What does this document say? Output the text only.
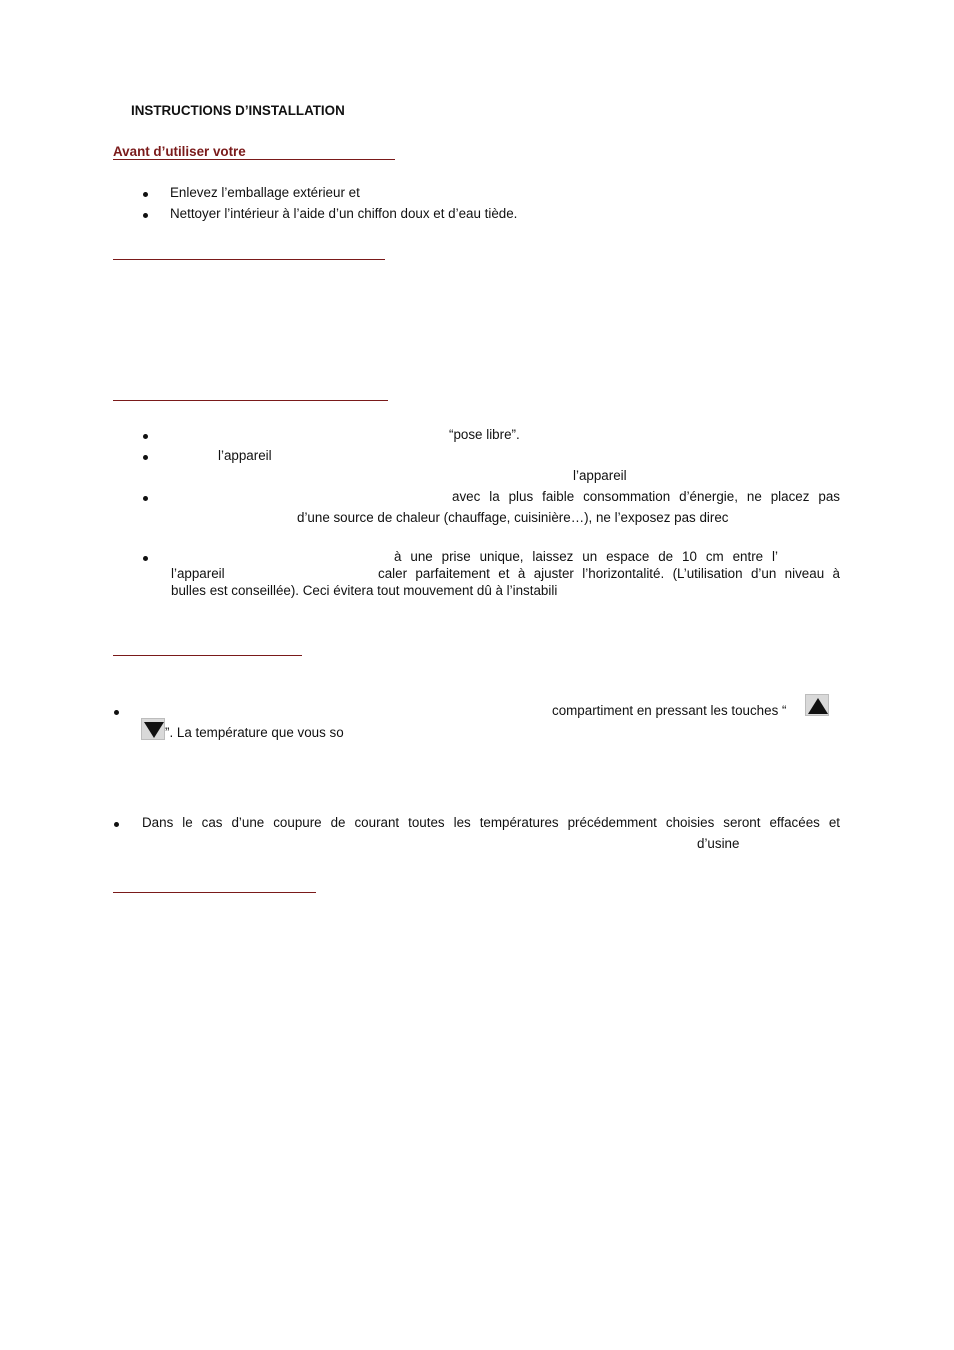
INSTRUCTIONS D’INSTALLATION
Avant d’utiliser votre
Enlevez l’emballage extérieur et
Nettoyer l’intérieur à l’aide d’un chiffon doux et d’eau tiède.
“pose libre”.
l’appareil
l’appareil
avec la plus faible consommation d’énergie, ne placez pas
d’une source de chaleur (chauffage, cuisinière…), ne l’exposez pas direc
à une prise unique, laissez un espace de 10 cm entre l’
l’appareil	caler parfaitement et à ajuster l’horizontalité. (L’utilisation d’un niveau à
bulles est conseillée). Ceci évitera tout mouvement dû à l’instabili
compartiment en pressant les touches “
”. La température que vous so
Dans le cas d’une coupure de courant toutes les températures précédemment choisies seront effacées et
d’usine
